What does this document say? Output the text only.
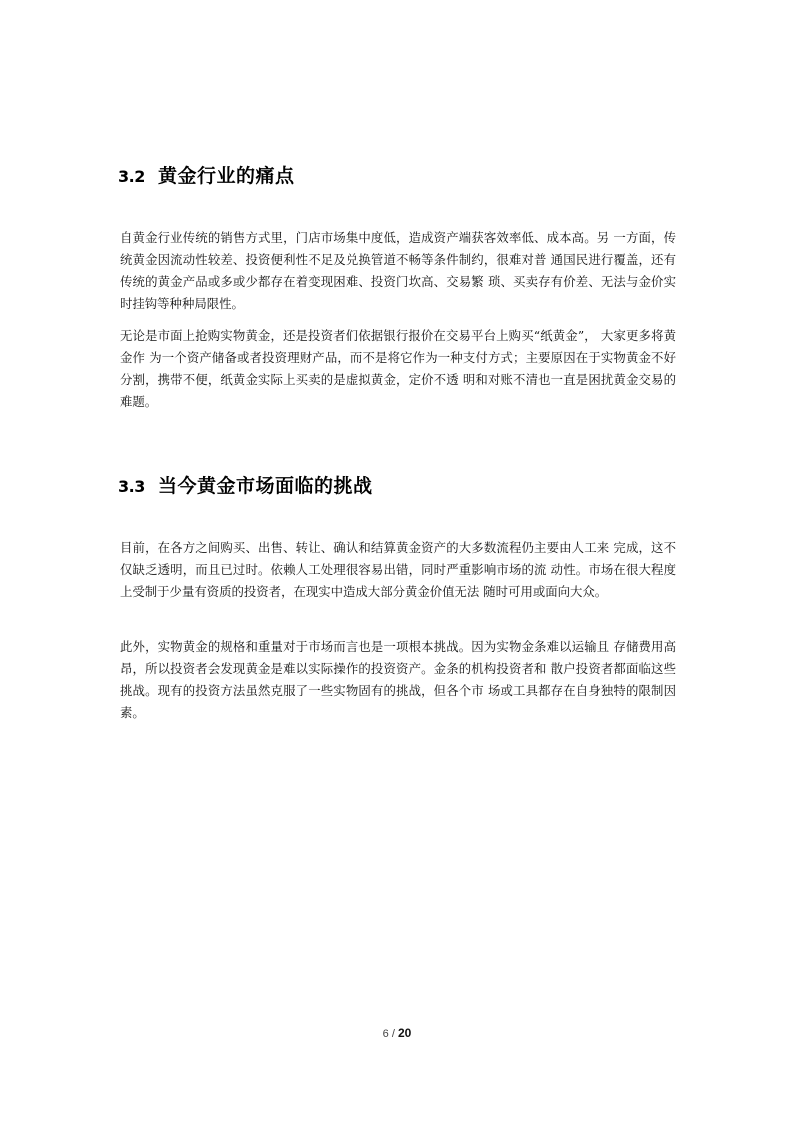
3.2 黄金行业的痛点

自黄金行业传统的销售方式里，门店市场集中度低，造成资产端获客效率低、成本高。另 一方面，传统黄金因流动性较差、投资便利性不足及兑换管道不畅等条件制约，很难对普 通国民进行覆盖，还有传统的黄金产品或多或少都存在着变现困难、投资门坎高、交易繁 琐、买卖存有价差、无法与金价实时挂钩等种种局限性。

无论是市面上抢购实物黄金，还是投资者们依据银行报价在交易平台上购买“纸黄金”， 大家更多将黄金作 为一个资产储备或者投资理财产品，而不是将它作为一种支付方式；主要原因在于实物黄金不好分割，携带不便，纸黄金实际上买卖的是虚拟黄金，定价不透 明和对账不清也一直是困扰黄金交易的难题。

3.3 当今黄金市场面临的挑战

目前，在各方之间购买、出售、转让、确认和结算黄金资产的大多数流程仍主要由人工来 完成，这不仅缺乏透明，而且已过时。依赖人工处理很容易出错，同时严重影响市场的流 动性。市场在很大程度上受制于少量有资质的投资者，在现实中造成大部分黄金价值无法 随时可用或面向大众。

此外，实物黄金的规格和重量对于市场而言也是一项根本挑战。因为实物金条难以运输且 存储费用高昂，所以投资者会发现黄金是难以实际操作的投资资产。金条的机构投资者和 散户投资者都面临这些挑战。现有的投资方法虽然克服了一些实物固有的挑战，但各个市 场或工具都存在自身独特的限制因素。

6 / 20
